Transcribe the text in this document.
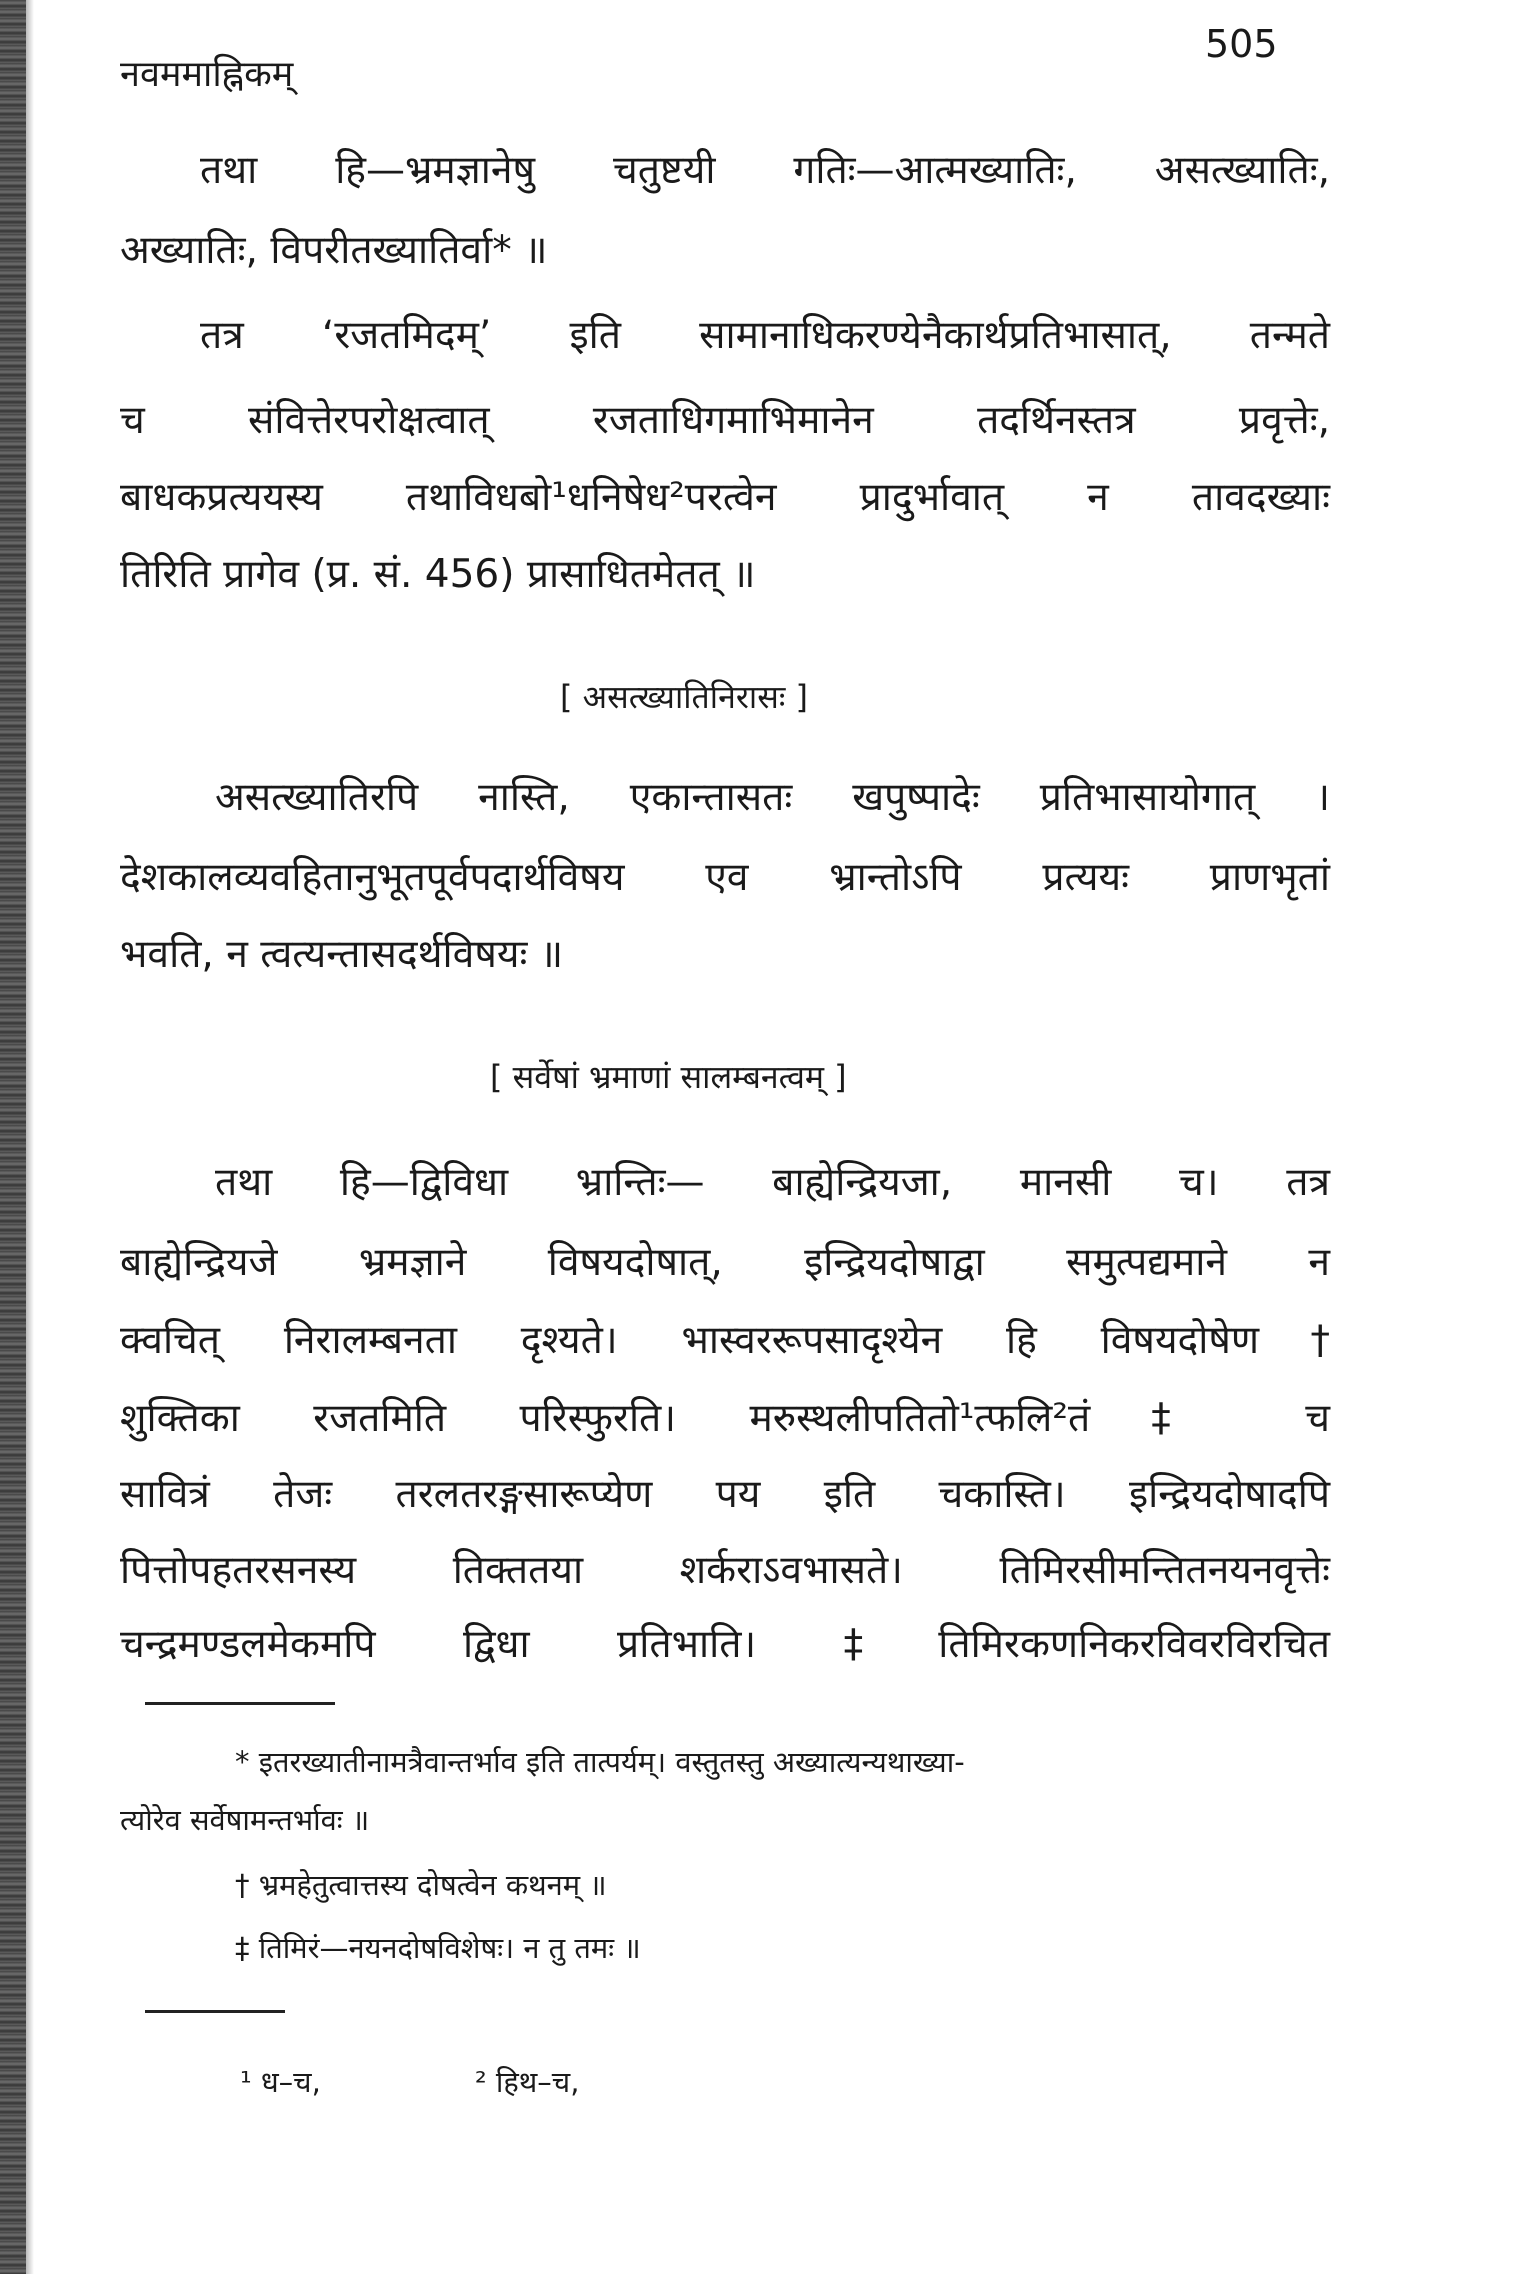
505
नवममाह्निकम्
तथा हि—भ्रमज्ञानेषु चतुष्टयी गतिः—आत्मख्यातिः, असत्ख्यातिः,
अख्यातिः, विपरीतख्यातिर्वा* ॥
तत्र ‘रजतमिदम्’ इति सामानाधिकरण्येनैकार्थप्रतिभासात्, तन्मते
च संवित्तेरपरोक्षत्वात् रजताधिगमाभिमानेन तदर्थिनस्तत्र प्रवृत्तेः,
बाधकप्रत्ययस्य तथाविधबो¹धनिषेध²परत्वेन प्रादुर्भावात् न तावदख्याः
तिरिति प्रागेव (प्र. सं. 456) प्रासाधितमेतत् ॥
[ असत्ख्यातिनिरासः ]
असत्ख्यातिरपि नास्ति, एकान्तासतः खपुष्पादेः प्रतिभासायोगात् ।
देशकालव्यवहितानुभूतपूर्वपदार्थविषय एव भ्रान्तोऽपि प्रत्ययः प्राणभृतां
भवति, न त्वत्यन्तासदर्थविषयः ॥
[ सर्वेषां भ्रमाणां सालम्बनत्वम् ]
तथा हि—द्विविधा भ्रान्तिः— बाह्येन्द्रियजा, मानसी च। तत्र
बाह्येन्द्रियजे भ्रमज्ञाने विषयदोषात्, इन्द्रियदोषाद्वा समुत्पद्यमाने न
क्वचित् निरालम्बनता दृश्यते। भास्वररूपसादृश्येन हि विषयदोषेण†
शुक्तिका रजतमिति परिस्फुरति। मरुस्थलीपतितो¹त्फलि²तं‡ च
सावित्रं तेजः तरलतरङ्गसारूप्येण पय इति चकास्ति। इन्द्रियदोषादपि
पित्तोपहतरसनस्य तिक्ततया शर्कराऽवभासते। तिमिरसीमन्तितनयनवृत्तेः
चन्द्रमण्डलमेकमपि द्विधा प्रतिभाति। ‡तिमिरकणनिकरविवरविरचित
* इतरख्यातीनामत्रैवान्तर्भाव इति तात्पर्यम्। वस्तुतस्तु अख्यात्यन्यथाख्या-
त्योरेव सर्वेषामन्तर्भावः ॥
† भ्रमहेतुत्वात्तस्य दोषत्वेन कथनम् ॥
‡ तिमिरं—नयनदोषविशेषः। न तु तमः ॥
¹ ध–च,	² हिथ–च,
